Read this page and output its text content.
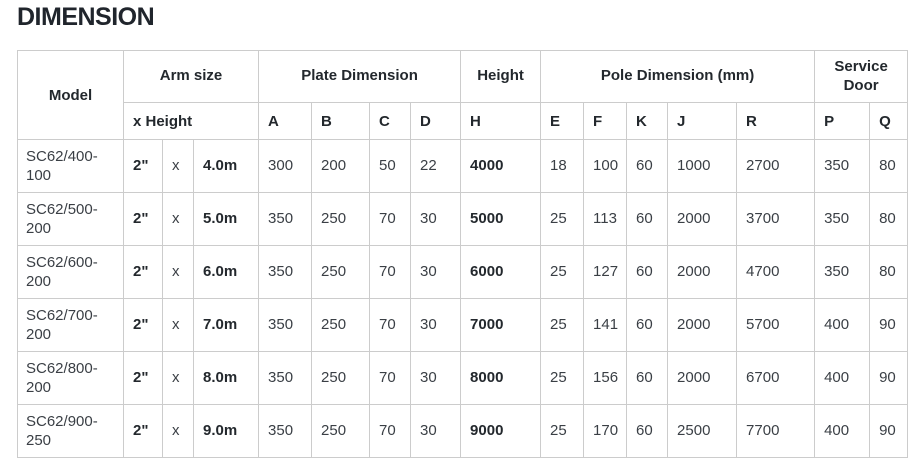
DIMENSION
Model	Arm size			Plate Dimension				Height	Pole Dimension (mm)					Service Door	
	x Height			A	B	C	D	H	E	F	K	J	R	P	Q
SC62/400-100	2"	x	4.0m	300	200	50	22	4000	18	100	60	1000	2700	350	80
SC62/500-200	2"	x	5.0m	350	250	70	30	5000	25	113	60	2000	3700	350	80
SC62/600-200	2"	x	6.0m	350	250	70	30	6000	25	127	60	2000	4700	350	80
SC62/700-200	2"	x	7.0m	350	250	70	30	7000	25	141	60	2000	5700	400	90
SC62/800-200	2"	x	8.0m	350	250	70	30	8000	25	156	60	2000	6700	400	90
SC62/900-250	2"	x	9.0m	350	250	70	30	9000	25	170	60	2500	7700	400	90
